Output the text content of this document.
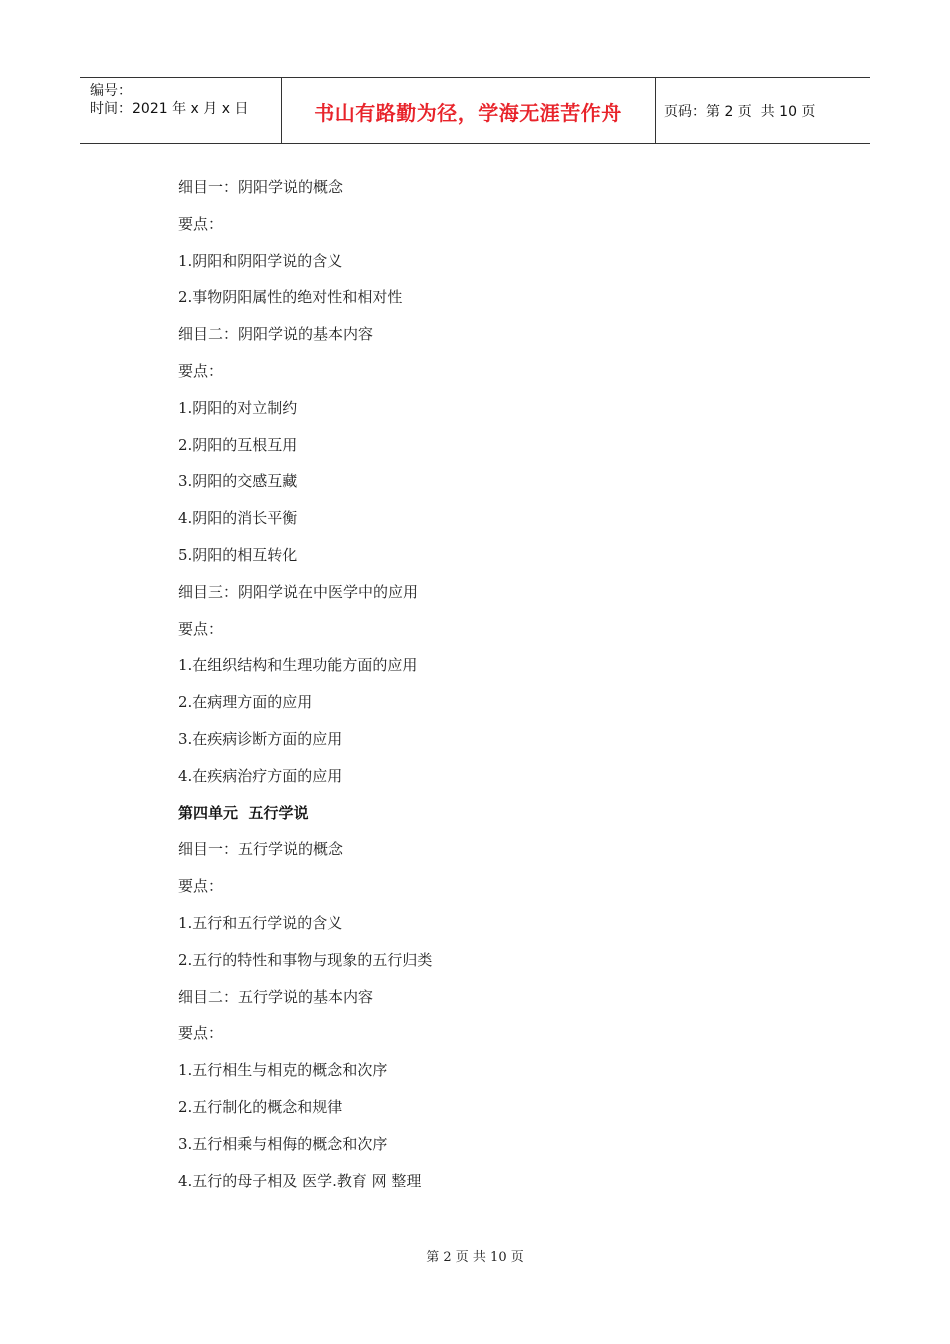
编号：
时间：2021 年 x 月 x 日	书山有路勤为径，学海无涯苦作舟	页码：第 2 页  共 10 页
细目一：阴阳学说的概念
要点：
1.阴阳和阴阳学说的含义
2.事物阴阳属性的绝对性和相对性
细目二：阴阳学说的基本内容
要点：
1.阴阳的对立制约
2.阴阳的互根互用
3.阴阳的交感互藏
4.阴阳的消长平衡
5.阴阳的相互转化
细目三：阴阳学说在中医学中的应用
要点：
1.在组织结构和生理功能方面的应用
2.在病理方面的应用
3.在疾病诊断方面的应用
4.在疾病治疗方面的应用
第四单元  五行学说
细目一：五行学说的概念
要点：
1.五行和五行学说的含义
2.五行的特性和事物与现象的五行归类
细目二：五行学说的基本内容
要点：
1.五行相生与相克的概念和次序
2.五行制化的概念和规律
3.五行相乘与相侮的概念和次序
4.五行的母子相及 医学.教育 网 整理
第 2 页 共 10 页
